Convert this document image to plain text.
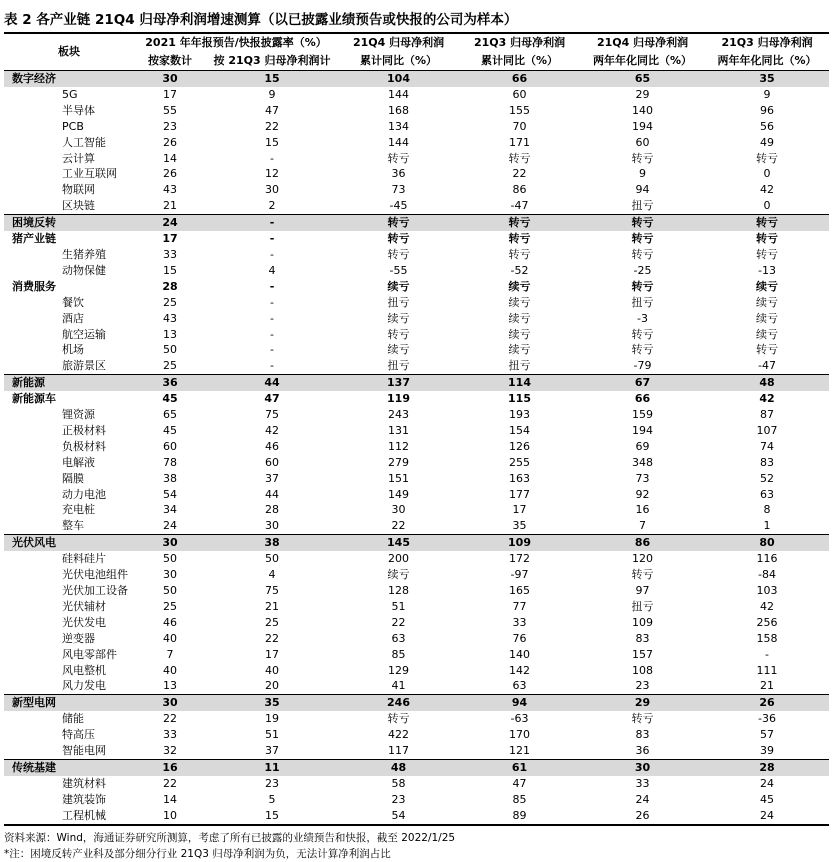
表 2 各产业链 21Q4 归母净利润增速测算（以已披露业绩预告或快报的公司为样本）
板块	2021 年年报预告/快报披露率（%）		21Q4 归母净利润	21Q3 归母净利润	21Q4 归母净利润	21Q3 归母净利润
	按家数计	按 21Q3 归母净利润计	累计同比（%）	累计同比（%）	两年年化同比（%）	两年年化同比（%）
数字经济	30	15	104	66	65	35
5G	17	9	144	60	29	9
半导体	55	47	168	155	140	96
PCB	23	22	134	70	194	56
人工智能	26	15	144	171	60	49
云计算	14	-	转亏	转亏	转亏	转亏
工业互联网	26	12	36	22	9	0
物联网	43	30	73	86	94	42
区块链	21	2	-45	-47	扭亏	0
困境反转	24	-	转亏	转亏	转亏	转亏
猪产业链	17	-	转亏	转亏	转亏	转亏
生猪养殖	33	-	转亏	转亏	转亏	转亏
动物保健	15	4	-55	-52	-25	-13
消费服务	28	-	续亏	续亏	转亏	续亏
餐饮	25	-	扭亏	续亏	扭亏	续亏
酒店	43	-	续亏	续亏	-3	续亏
航空运输	13	-	转亏	续亏	转亏	续亏
机场	50	-	续亏	续亏	转亏	转亏
旅游景区	25	-	扭亏	扭亏	-79	-47
新能源	36	44	137	114	67	48
新能源车	45	47	119	115	66	42
锂资源	65	75	243	193	159	87
正极材料	45	42	131	154	194	107
负极材料	60	46	112	126	69	74
电解液	78	60	279	255	348	83
隔膜	38	37	151	163	73	52
动力电池	54	44	149	177	92	63
充电桩	34	28	30	17	16	8
整车	24	30	22	35	7	1
光伏风电	30	38	145	109	86	80
硅料硅片	50	50	200	172	120	116
光伏电池组件	30	4	续亏	-97	转亏	-84
光伏加工设备	50	75	128	165	97	103
光伏辅材	25	21	51	77	扭亏	42
光伏发电	46	25	22	33	109	256
逆变器	40	22	63	76	83	158
风电零部件	7	17	85	140	157	-
风电整机	40	40	129	142	108	111
风力发电	13	20	41	63	23	21
新型电网	30	35	246	94	29	26
储能	22	19	转亏	-63	转亏	-36
特高压	33	51	422	170	83	57
智能电网	32	37	117	121	36	39
传统基建	16	11	48	61	30	28
建筑材料	22	23	58	47	33	24
建筑装饰	14	5	23	85	24	45
工程机械	10	15	54	89	26	24
资料来源：Wind，海通证券研究所测算，考虑了所有已披露的业绩预告和快报，截至 2022/1/25
*注：困境反转产业科及部分细分行业 21Q3 归母净利润为负，无法计算净利润占比
